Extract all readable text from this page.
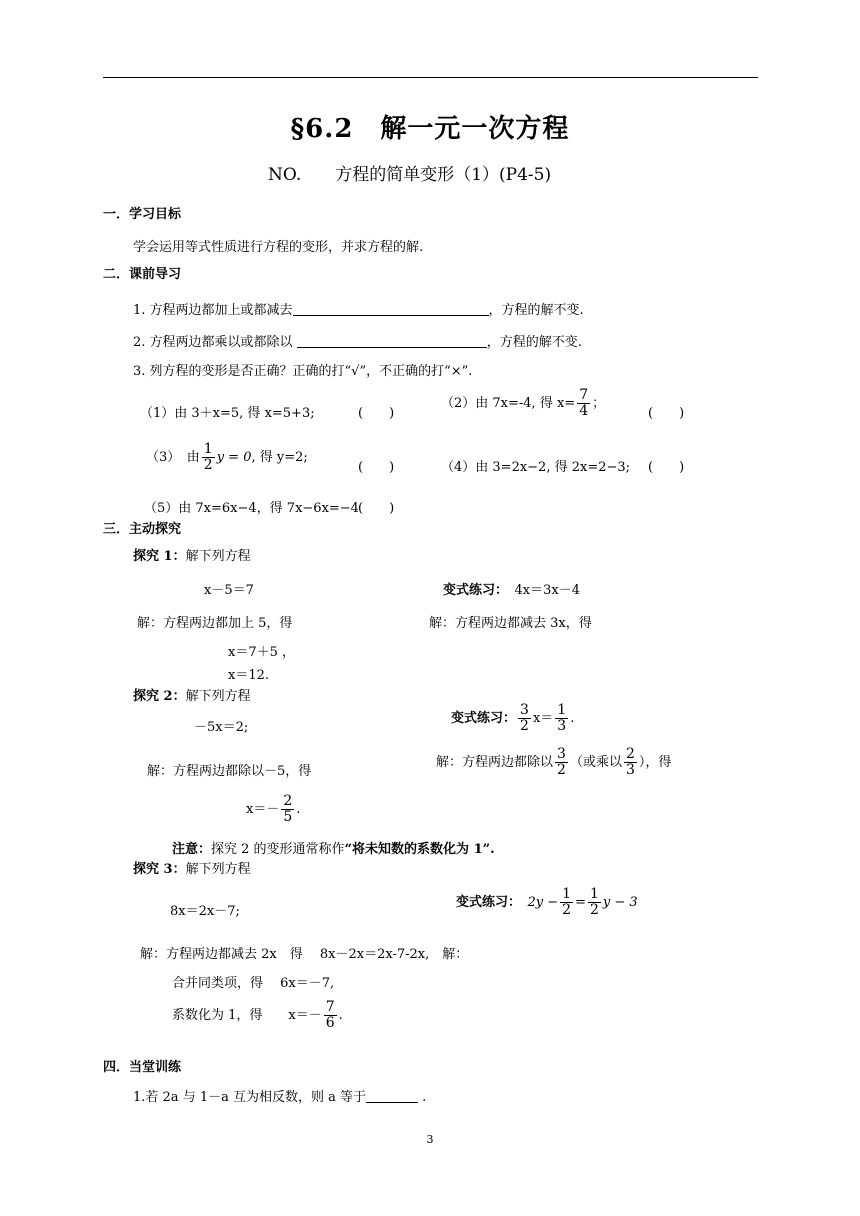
§6.2　解一元一次方程
NO.　　方程的简单变形（1）(P4-5)
一．学习目标
学会运用等式性质进行方程的变形，并求方程的解.
二．课前导习
1. 方程两边都加上或都减去	，方程的解不变.
2. 方程两边都乘以或都除以	，方程的解不变.
3. 列方程的变形是否正确？正确的打“√”，不正确的打“×”.
（1）由 3＋x=5, 得 x=5+3;	(　　)
（2）由 7x=-4, 得 $x= \frac{7}{4}$ ；
(　　)
（3）　由 $\frac{1}{2}$ y = 0, 得 y=2;
(　　)	（4）由 3=2x−2, 得 2x=2−3; (　　)
（5）由 7x=6x−4，得 7x−6x=−4 (　　)
三．主动探究
探究 1：解下列方程
x－5＝7	变式练习：　 4x＝3x－4
解：方程两边都加上 5，得	解：方程两边都减去 3x，得
x＝7＋5 ，
x＝12.
探究 2：解下列方程
－5x＝2;
变式练习： $\frac{3}{2} x= \frac{1}{3}$ .
解：方程两边都除以－5，得
解：方程两边都除以 $\frac{3}{2}$ （或乘以 $\frac{2}{3}$ ），得
$x=- \frac{2}{5}$ .
注意：探究 2 的变形通常称作“将未知数的系数化为 1”.
探究 3：解下列方程
8x＝2x－7;
变式练习：　 $2y - \frac{1}{2} = \frac{1}{2}$ y − 3
解：方程两边都减去 2x　得　 8x－2x＝2x-7-2x,　解：
合并同类项，得　 6x＝－7,
系数化为 1，得　　$x=- \frac{7}{6}$ .
四．当堂训练
1.若 2a 与 1－a 互为相反数，则 a 等于	.
3
